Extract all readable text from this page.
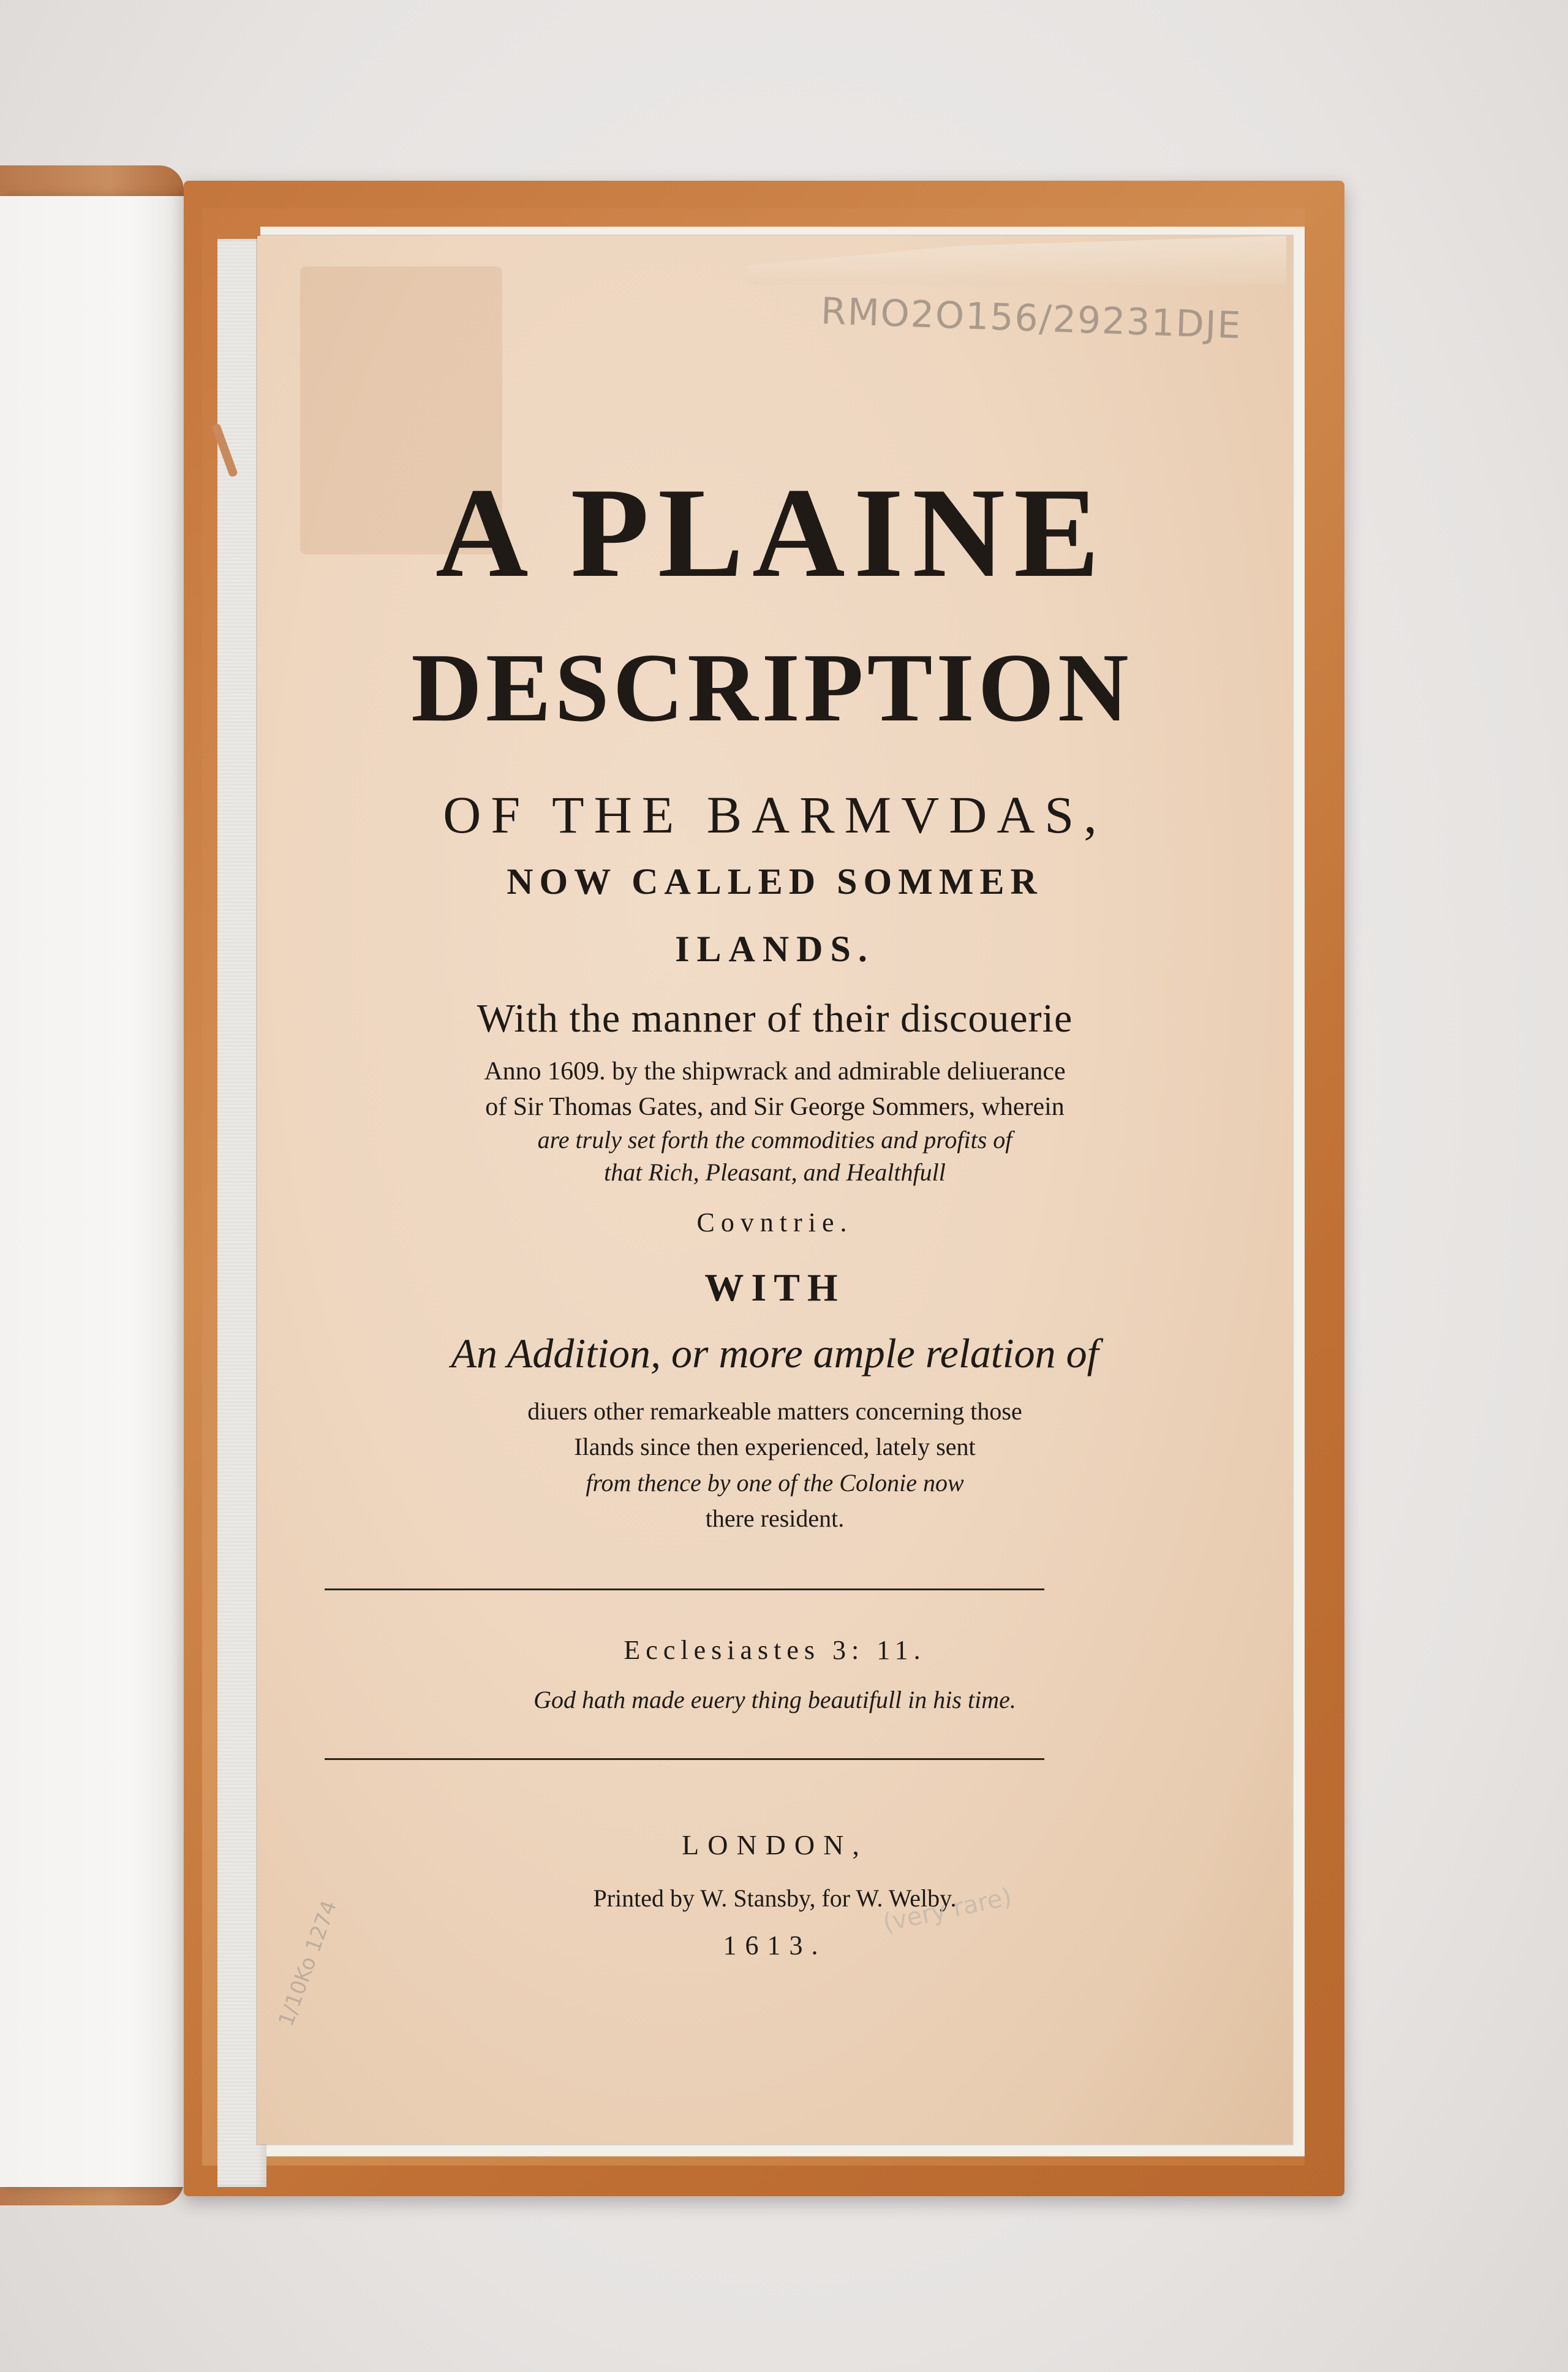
RMO2O156/29231DJE
A PLAINE
DESCRIPTION
OF THE BARMVDAS,
NOW CALLED SOMMER
ILANDS.
With the manner of their discouerie
Anno 1609. by the shipwrack and admirable deliuerance
of Sir Thomas Gates, and Sir George Sommers, wherein
are truly set forth the commodities and profits of
that Rich, Pleasant, and Healthfull
Covntrie.
WITH
An Addition, or more ample relation of
diuers other remarkeable matters concerning those
Ilands since then experienced, lately sent
from thence by one of the Colonie now
there resident.
Ecclesiastes 3: 11.
God hath made euery thing beautifull in his time.
LONDON,
Printed by W. Stansby, for W. Welby.
1613.
1/10Ko 1274	(very rare)
